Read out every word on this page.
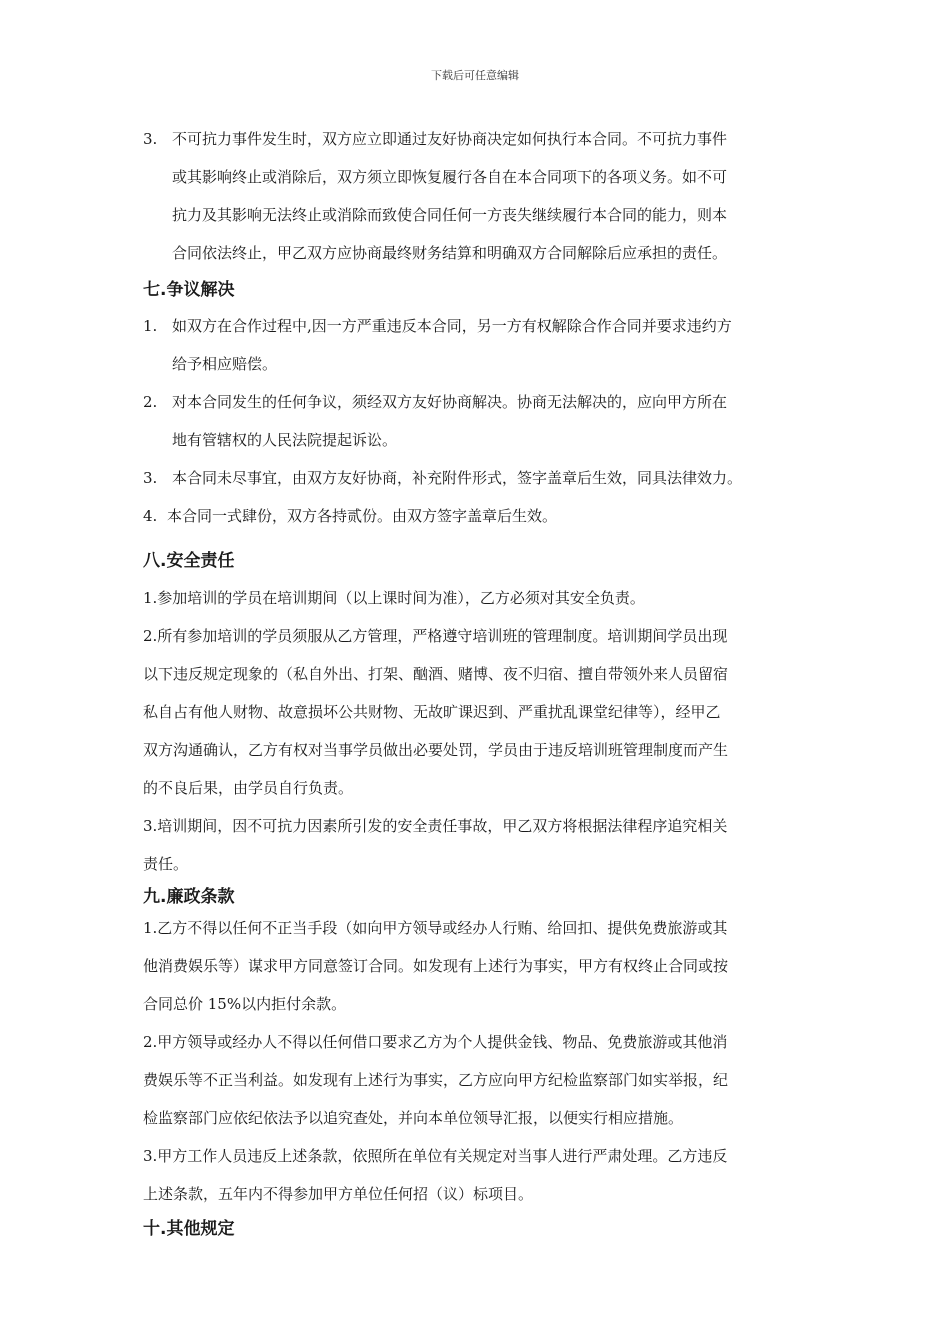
下载后可任意编辑

3. 不可抗力事件发生时，双方应立即通过友好协商决定如何执行本合同。不可抗力事件

或其影响终止或消除后，双方须立即恢复履行各自在本合同项下的各项义务。如不可

抗力及其影响无法终止或消除而致使合同任何一方丧失继续履行本合同的能力，则本

合同依法终止，甲乙双方应协商最终财务结算和明确双方合同解除后应承担的责任。

七.争议解决

1. 如双方在合作过程中,因一方严重违反本合同，另一方有权解除合作合同并要求违约方

给予相应赔偿。

2. 对本合同发生的任何争议，须经双方友好协商解决。协商无法解决的，应向甲方所在

地有管辖权的人民法院提起诉讼。

3. 本合同未尽事宜，由双方友好协商，补充附件形式，签字盖章后生效，同具法律效力。

4. 本合同一式肆份，双方各持贰份。由双方签字盖章后生效。

八.安全责任

1.参加培训的学员在培训期间（以上课时间为准），乙方必须对其安全负责。

2.所有参加培训的学员须服从乙方管理，严格遵守培训班的管理制度。培训期间学员出现

以下违反规定现象的（私自外出、打架、酗酒、赌博、夜不归宿、擅自带领外来人员留宿

私自占有他人财物、故意损坏公共财物、无故旷课迟到、严重扰乱课堂纪律等），经甲乙

双方沟通确认，乙方有权对当事学员做出必要处罚，学员由于违反培训班管理制度而产生

的不良后果，由学员自行负责。

3.培训期间，因不可抗力因素所引发的安全责任事故，甲乙双方将根据法律程序追究相关

责任。

九.廉政条款

1.乙方不得以任何不正当手段（如向甲方领导或经办人行贿、给回扣、提供免费旅游或其

他消费娱乐等）谋求甲方同意签订合同。如发现有上述行为事实，甲方有权终止合同或按

合同总价 15%以内拒付余款。

2.甲方领导或经办人不得以任何借口要求乙方为个人提供金钱、物品、免费旅游或其他消

费娱乐等不正当利益。如发现有上述行为事实，乙方应向甲方纪检监察部门如实举报，纪

检监察部门应依纪依法予以追究查处，并向本单位领导汇报，以便实行相应措施。

3.甲方工作人员违反上述条款，依照所在单位有关规定对当事人进行严肃处理。乙方违反

上述条款，五年内不得参加甲方单位任何招（议）标项目。

十.其他规定
